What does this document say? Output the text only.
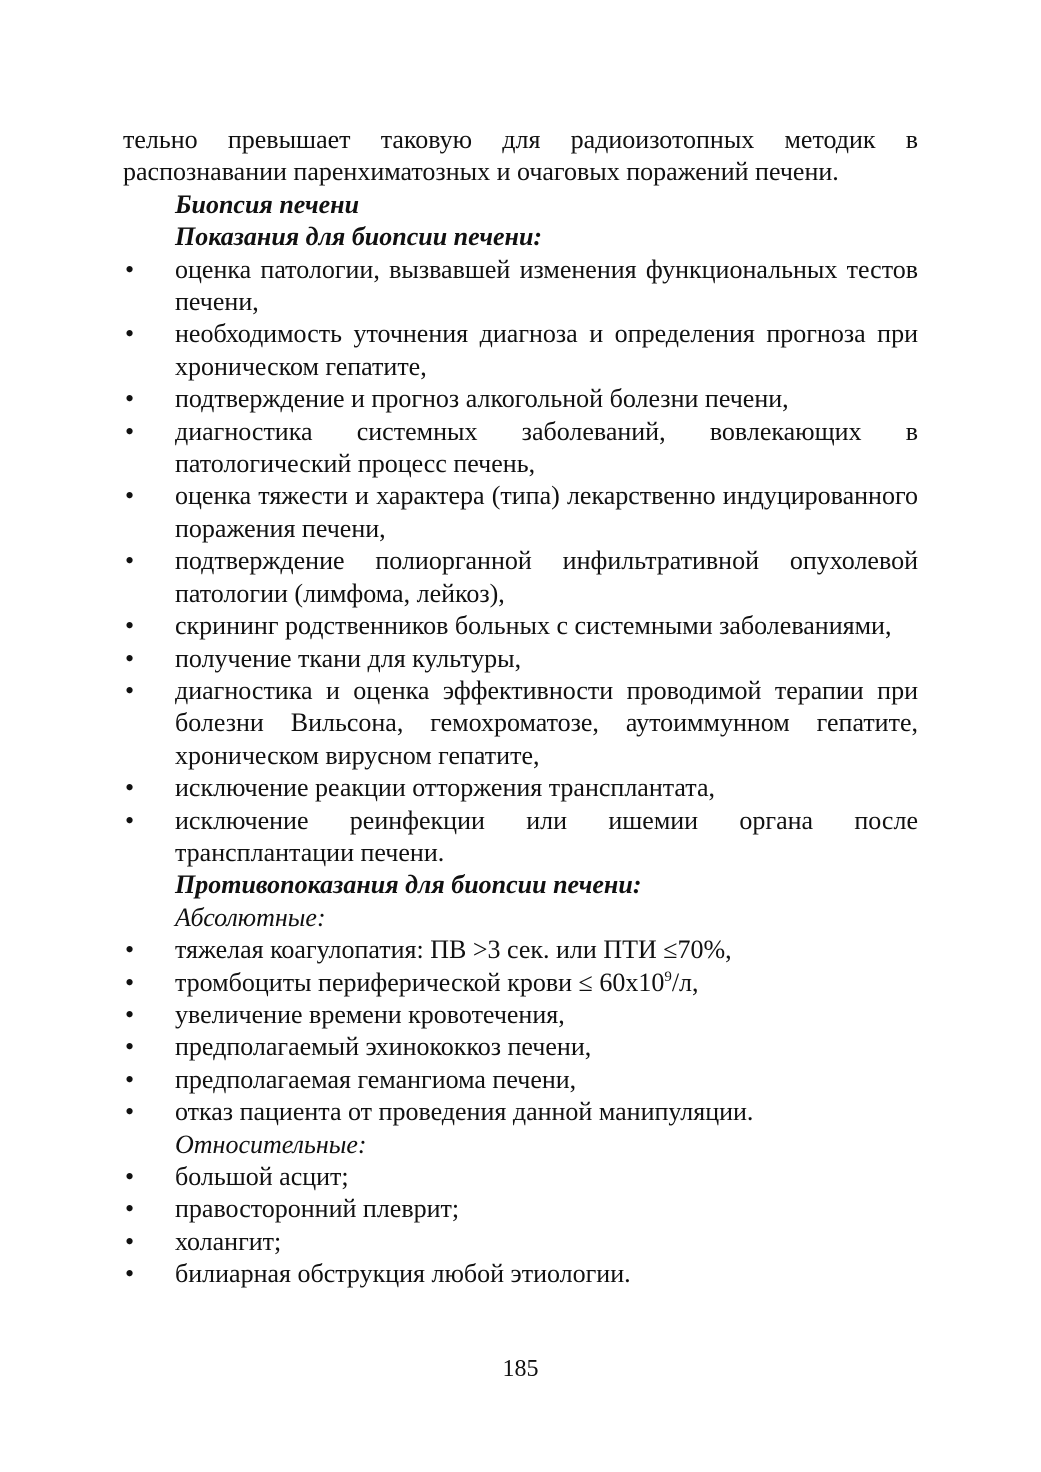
тельно превышает таковую для радиоизотопных методик в распознавании паренхиматозных и очаговых поражений печени.

Биопсия печени

Показания для биопсии печени:

• оценка патологии, вызвавшей изменения функциональных тестов печени,
• необходимость уточнения диагноза и определения прогноза при хроническом гепатите,
• подтверждение и прогноз алкогольной болезни печени,
• диагностика системных заболеваний, вовлекающих в патологический процесс печень,
• оценка тяжести и характера (типа) лекарственно индуцированного поражения печени,
• подтверждение полиорганной инфильтративной опухолевой патологии (лимфома, лейкоз),
• скрининг родственников больных с системными заболеваниями,
• получение ткани для культуры,
• диагностика и оценка эффективности проводимой терапии при болезни Вильсона, гемохроматозе, аутоиммунном гепатите, хроническом вирусном гепатите,
• исключение реакции отторжения трансплантата,
• исключение реинфекции или ишемии органа после трансплантации печени.

Противопоказания для биопсии печени:

Абсолютные:

• тяжелая коагулопатия: ПВ >3 сек. или ПТИ ≤70%,
• тромбоциты периферической крови ≤ $60х10^9/л$,
• увеличение времени кровотечения,
• предполагаемый эхинококкоз печени,
• предполагаемая гемангиома печени,
• отказ пациента от проведения данной манипуляции.

Относительные:

• большой асцит;
• правосторонний плеврит;
• холангит;
• билиарная обструкция любой этиологии.
185
